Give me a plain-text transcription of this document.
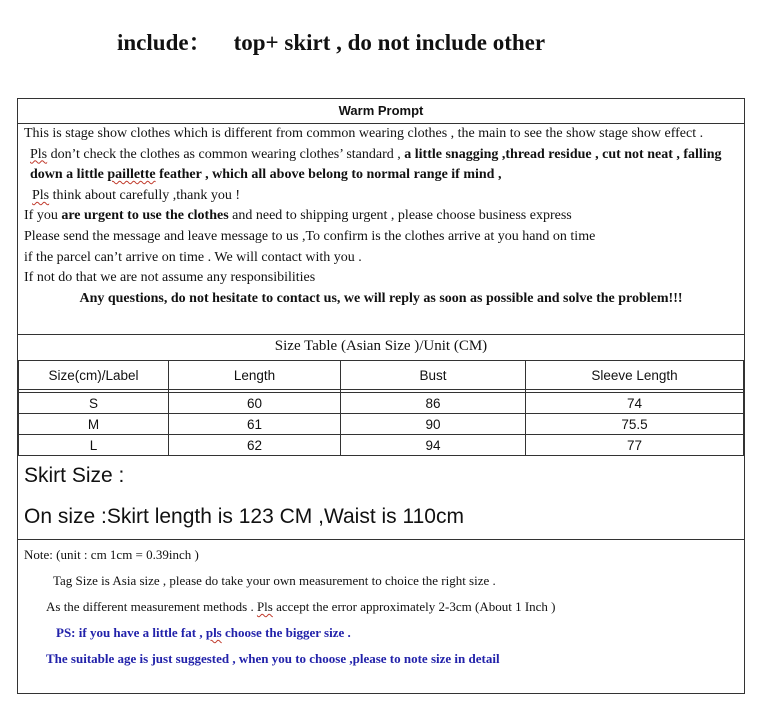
include： top+ skirt , do not include other
Warm Prompt
This is stage show clothes which is different from common wearing clothes , the main to see the show stage show effect .
Pls don’t check the clothes as common wearing clothes’ standard , a little snagging ,thread residue , cut not neat , falling down a little paillette feather , which all above belong to normal range if mind ,
Pls think about carefully ,thank you !
If you are urgent to use the clothes and need to shipping urgent , please choose business express
Please send the message and leave message to us ,To confirm is the clothes arrive at you hand on time
if the parcel can’t arrive on time . We will contact with you .
If not do that we are not assume any responsibilities
Any questions, do not hesitate to contact us, we will reply as soon as possible and solve the problem!!!
Size Table (Asian Size )/Unit (CM)
Size(cm)/Label	Length	Bust	Sleeve Length

S	60	86	74
M	61	90	75.5
L	62	94	77
Skirt Size :
On size :Skirt length is 123 CM ,Waist is 110cm
Note: (unit : cm 1cm = 0.39inch )
Tag Size is Asia size , please do take your own measurement to choice the right size .
As the different measurement methods . Pls accept the error approximately 2-3cm (About 1 Inch )
PS: if you have a little fat , pls choose the bigger size .
The suitable age is just suggested , when you to choose ,please to note size in detail
